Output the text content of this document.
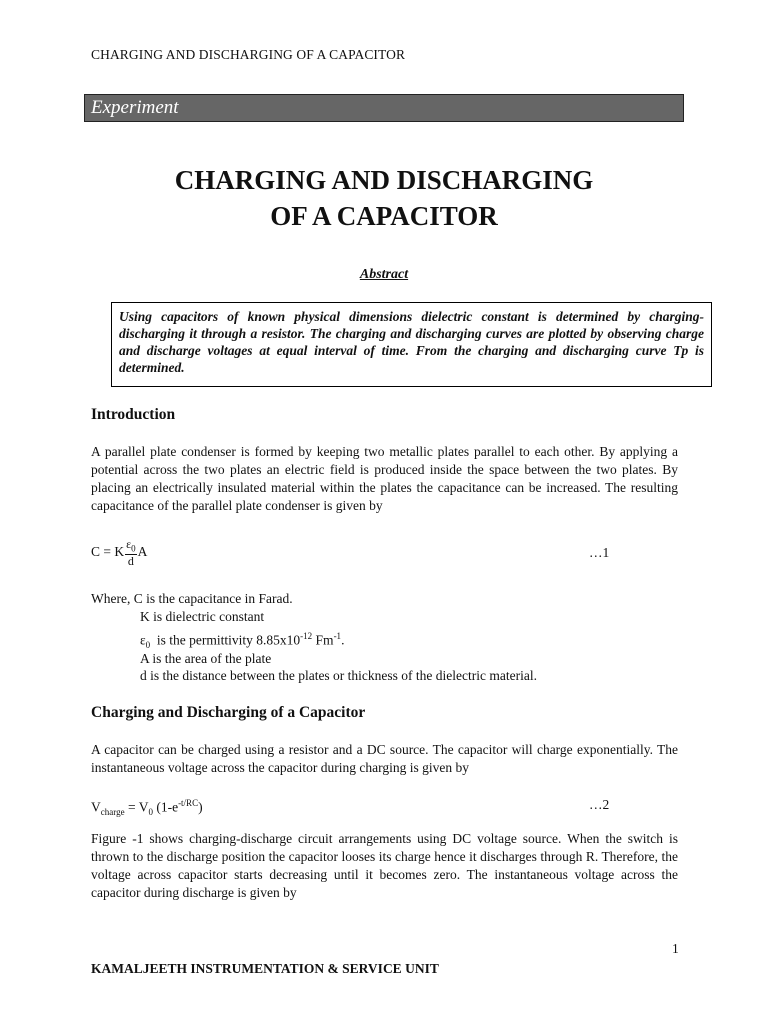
CHARGING AND DISCHARGING OF A CAPACITOR
Experiment
CHARGING AND DISCHARGING
OF A CAPACITOR
Abstract

Using capacitors of known physical dimensions dielectric constant is determined by charging-discharging it through a resistor. The charging and discharging curves are plotted by observing charge and discharge voltages at equal interval of time. From the charging and discharging curve Tp is determined.

Introduction

A parallel plate condenser is formed by keeping two metallic plates parallel to each other. By applying a potential across the two plates an electric field is produced inside the space between the two plates. By placing an electrically insulated material within the plates the capacitance can be increased. The resulting capacitance of the parallel plate condenser is given by

C = K $\frac{\varepsilon_0}{d}$ A	…1
Where, C is the capacitance in Farad.
K is dielectric constant
$\varepsilon_0$ is the permittivity $8.85x10^{-12}$ $Fm^{-1}$.
A is the area of the plate
d is the distance between the plates or thickness of the dielectric material.
Charging and Discharging of a Capacitor

A capacitor can be charged using a resistor and a DC source. The capacitor will charge exponentially. The instantaneous voltage across the capacitor during charging is given by

$V_{charge} = V_0$ $(1-e^{-t/RC})$	…2

Figure -1 shows charging-discharge circuit arrangements using DC voltage source. When the switch is thrown to the discharge position the capacitor looses its charge hence it discharges through R. Therefore, the voltage across capacitor starts decreasing until it becomes zero. The instantaneous voltage across the capacitor during discharge is given by

1
KAMALJEETH INSTRUMENTATION & SERVICE UNIT
